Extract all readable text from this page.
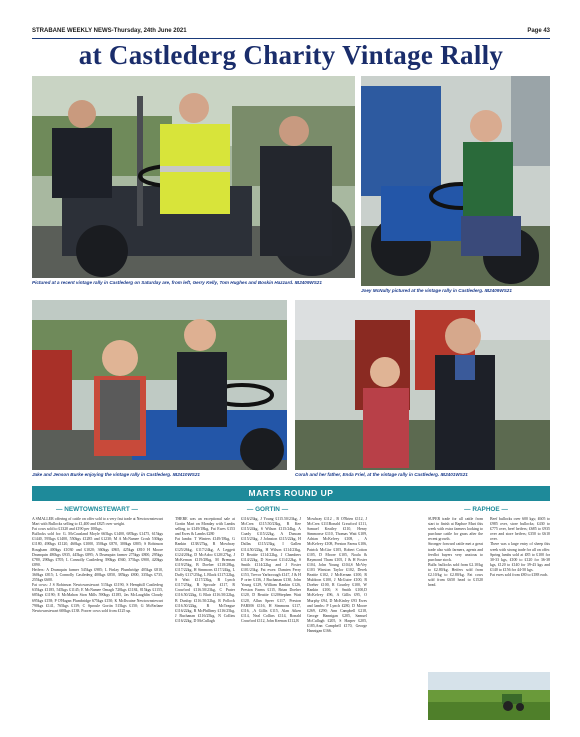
STRABANE WEEKLY NEWS-Thursday, 24th June 2021	Page 43
at Castlederg Charity Vintage Rally
Pictured at a recent vintage rally in Castlederg on Saturday are, from left, Gerry Kelly, Tom Hughes and Boskin Hazzard. IB2409WS21
Joey McNulty pictured at the vintage rally in Castlederg. IB2409WS21
Jake and Jenson Burke enjoying the vintage rally in Castlederg. IB2410WS21	Corah and her father, Enda Friel, at the vintage rally in Castlederg. IB2401WS21
MARTS ROUND UP
— NEWTOWNSTEWART —	— GORTIN —	— RAPHOE —

A SMALLER offering of cattle on offer sold to a very fast trade at Newtownstewart Mart with Bullocks selling to £1,400 and £825 over weight.

Fat cows sold to £1320 and £190 per 100kgs.

Bullocks sold for: G. McCausland Moyle 665kgs £1400, 685kgs £1475, 615kgs £1440, 595kgs £1400, 550kgs £1285 and £1230; M A McNamee Crosh 530kgs £1180, 490kgs £1120, 460kgs £1000, 350kgs £870, 300kgs £805; S Robinson Rougham 400kgs £1030 and £1020; 360kgs £865, 425kgs £810 H Moore Drumquin 480kgs £935, 445kgs £895; A Drumquin farmer 275kgs £800, 295kgs £780, 290kgs £705; L Connolly Castlederg 390kgs £940, 375kgs £900, 420kgs £890.

Heifers: A Drumquin farmer 545kgs £985; L Finlay Plumbridge 405kgs £810, 360kgs £815; L Connolly Castlederg 400kgs £850, 385kgs £800, 335kgs £735, 255kgs £600.

Fat cows: J S Robinson Newtownstewart 515kgs £1190, S Hemphill Castlederg 635kgs £1185, 545kgs £1145; E McNamee Omagh 720kgs £1184, 815kgs £1155, 685kgs £1190; E McMahon Sion Mills 590kgs £1185, Jas McLaughlin Cloudy 695kgs £158; P O'Hagan Plumbridge 675kgs £150; K McIlwaine Newtownstewart 790kgs £141, 765kgs £139; C Sproule Gortin 515kgs £150; G McFarlane Newtownstewart 600kgs £138. Poorer cows sold from £125 up.

THERE was an exceptional sale at Gortin Mart on Monday with Lambs selling to £149/18kg, Fat Ewes £153 and Ewes & Lambs £280

Fat lambs: T Winters £149/18kg, G Rankin £138/27kg, R Mowbray £125/26kg, £117/24kg, A Leggett £124/20kg, D McAdoo £120/27kg, J McKernan £119/28kg, M Brennan £119/25kg, B Doeher £118/28kg, £117/22kg, H Simmons £117/24kg, L Duffy £117/25kg, L Black £117/22kg, S Watt £117/23kg, B Lynch £117/25kg, R Sproule £117, R Crawford £116.50/23kg, C Prater £116.50/22kg, G Blair £116.50/22kg, B Dunlop £116.50/22kg, R Pollock £116.50/22kg, R McTeague £116/22kg, R McPhillimy £116/25kg, J Buchanan £116/25kg, N Collins £116/22kg, D McCullagh

£116/23kg, J Young £115.50/23kg, J McCrea £115.50/23kg, R Kee £115/24kg, S Wilson £115/24kg, A Coady £115/22kg, A Duncan £115/23kg, J Johnston £115/22kg, H Dallas £115/23kg, I Gallen £114.50/22kg, H Wilson £114/23kg, D Beattie £114/22kg, J Chambers £114/22kg, D Stewart £114/22kg, S Smith £114/22kg and J Foster £101/23kg. Fat ewes: Damien Ferry £153, Trevor Yarborough £147, J & H P orter £136, J Buchanan £130, John Young £129, William Rankin £126, Preston Farms £115, Brian Doeher £120, D Beattie £120Stephen Watt £120, Allan Speer £117, Preston FARMS £116, H Simmons £117, £116, ,A Gillis £115, Alan Aiken £114, Neal Collins £114, Ronald Crawford £112, John Keenan £112,R

Mowbray £112 , B O'Brien £112, J McCrea £111Ronald Crawford £111, Samuel Keatley £110, Henry Simmonse £110, Thomas Watt £109, Adrian McKelvey £108, , A McKelvey £108, Preston Farms £106, Patrick McGirr £105, Robert Cotton £105, D Moore £105, Noala & Raymond Tham £105, J & H Foster £104, John Young £104,S McVey £103 Winston Taylor £102, Derek Beattie £102, J McKernan £100, R Muldoon £100, J McGuire £100, B Doeher £100, R Gourley £100, W Rankin £100, S Smith £100,D McKelvey £96, A Gillis £95, O Murphy £94, D McKinley £93 Ewes and lambs: P Lynch £280, D Moore £269, £290; Ann Campbell £218, George Hannigan £205, Samuel McCullagh £205, S Harper £205, £185,Ann Campbell £170, George Hannigan £166.

SUPER trade for all cattle from start to finish at Raphoe Mart this week with extra farmers looking to purchase cattle for grass after the recent growth.

Stronger forward cattle met a great trade also with farmers, agents and feedlot buyers very anxious to purchase stock.

Bulls: bullocks sold from £2.10/kg to £2.80/kg. Heifers sold from £2.10/kg to £2.80/kg. Fat cows sold from £650 head to £1520 head.

Beef bullocks over 600 kgs; £605 to £985 over, store bullocks; £430 to £775 over, beef heifers; £685 to £935 over and store heifers; £350 to £610 over.

There was a large entry of sheep this week with strong trade for all on offer.

Spring lambs sold at £85 to £100 for 30-33 kgs, £100 to £120 for 36-38 kgs, £120 to £140 for 39-43 kgs and £140 to £156 for 44-50 kgs.

Fat ewes sold from £80 to £188 each.
